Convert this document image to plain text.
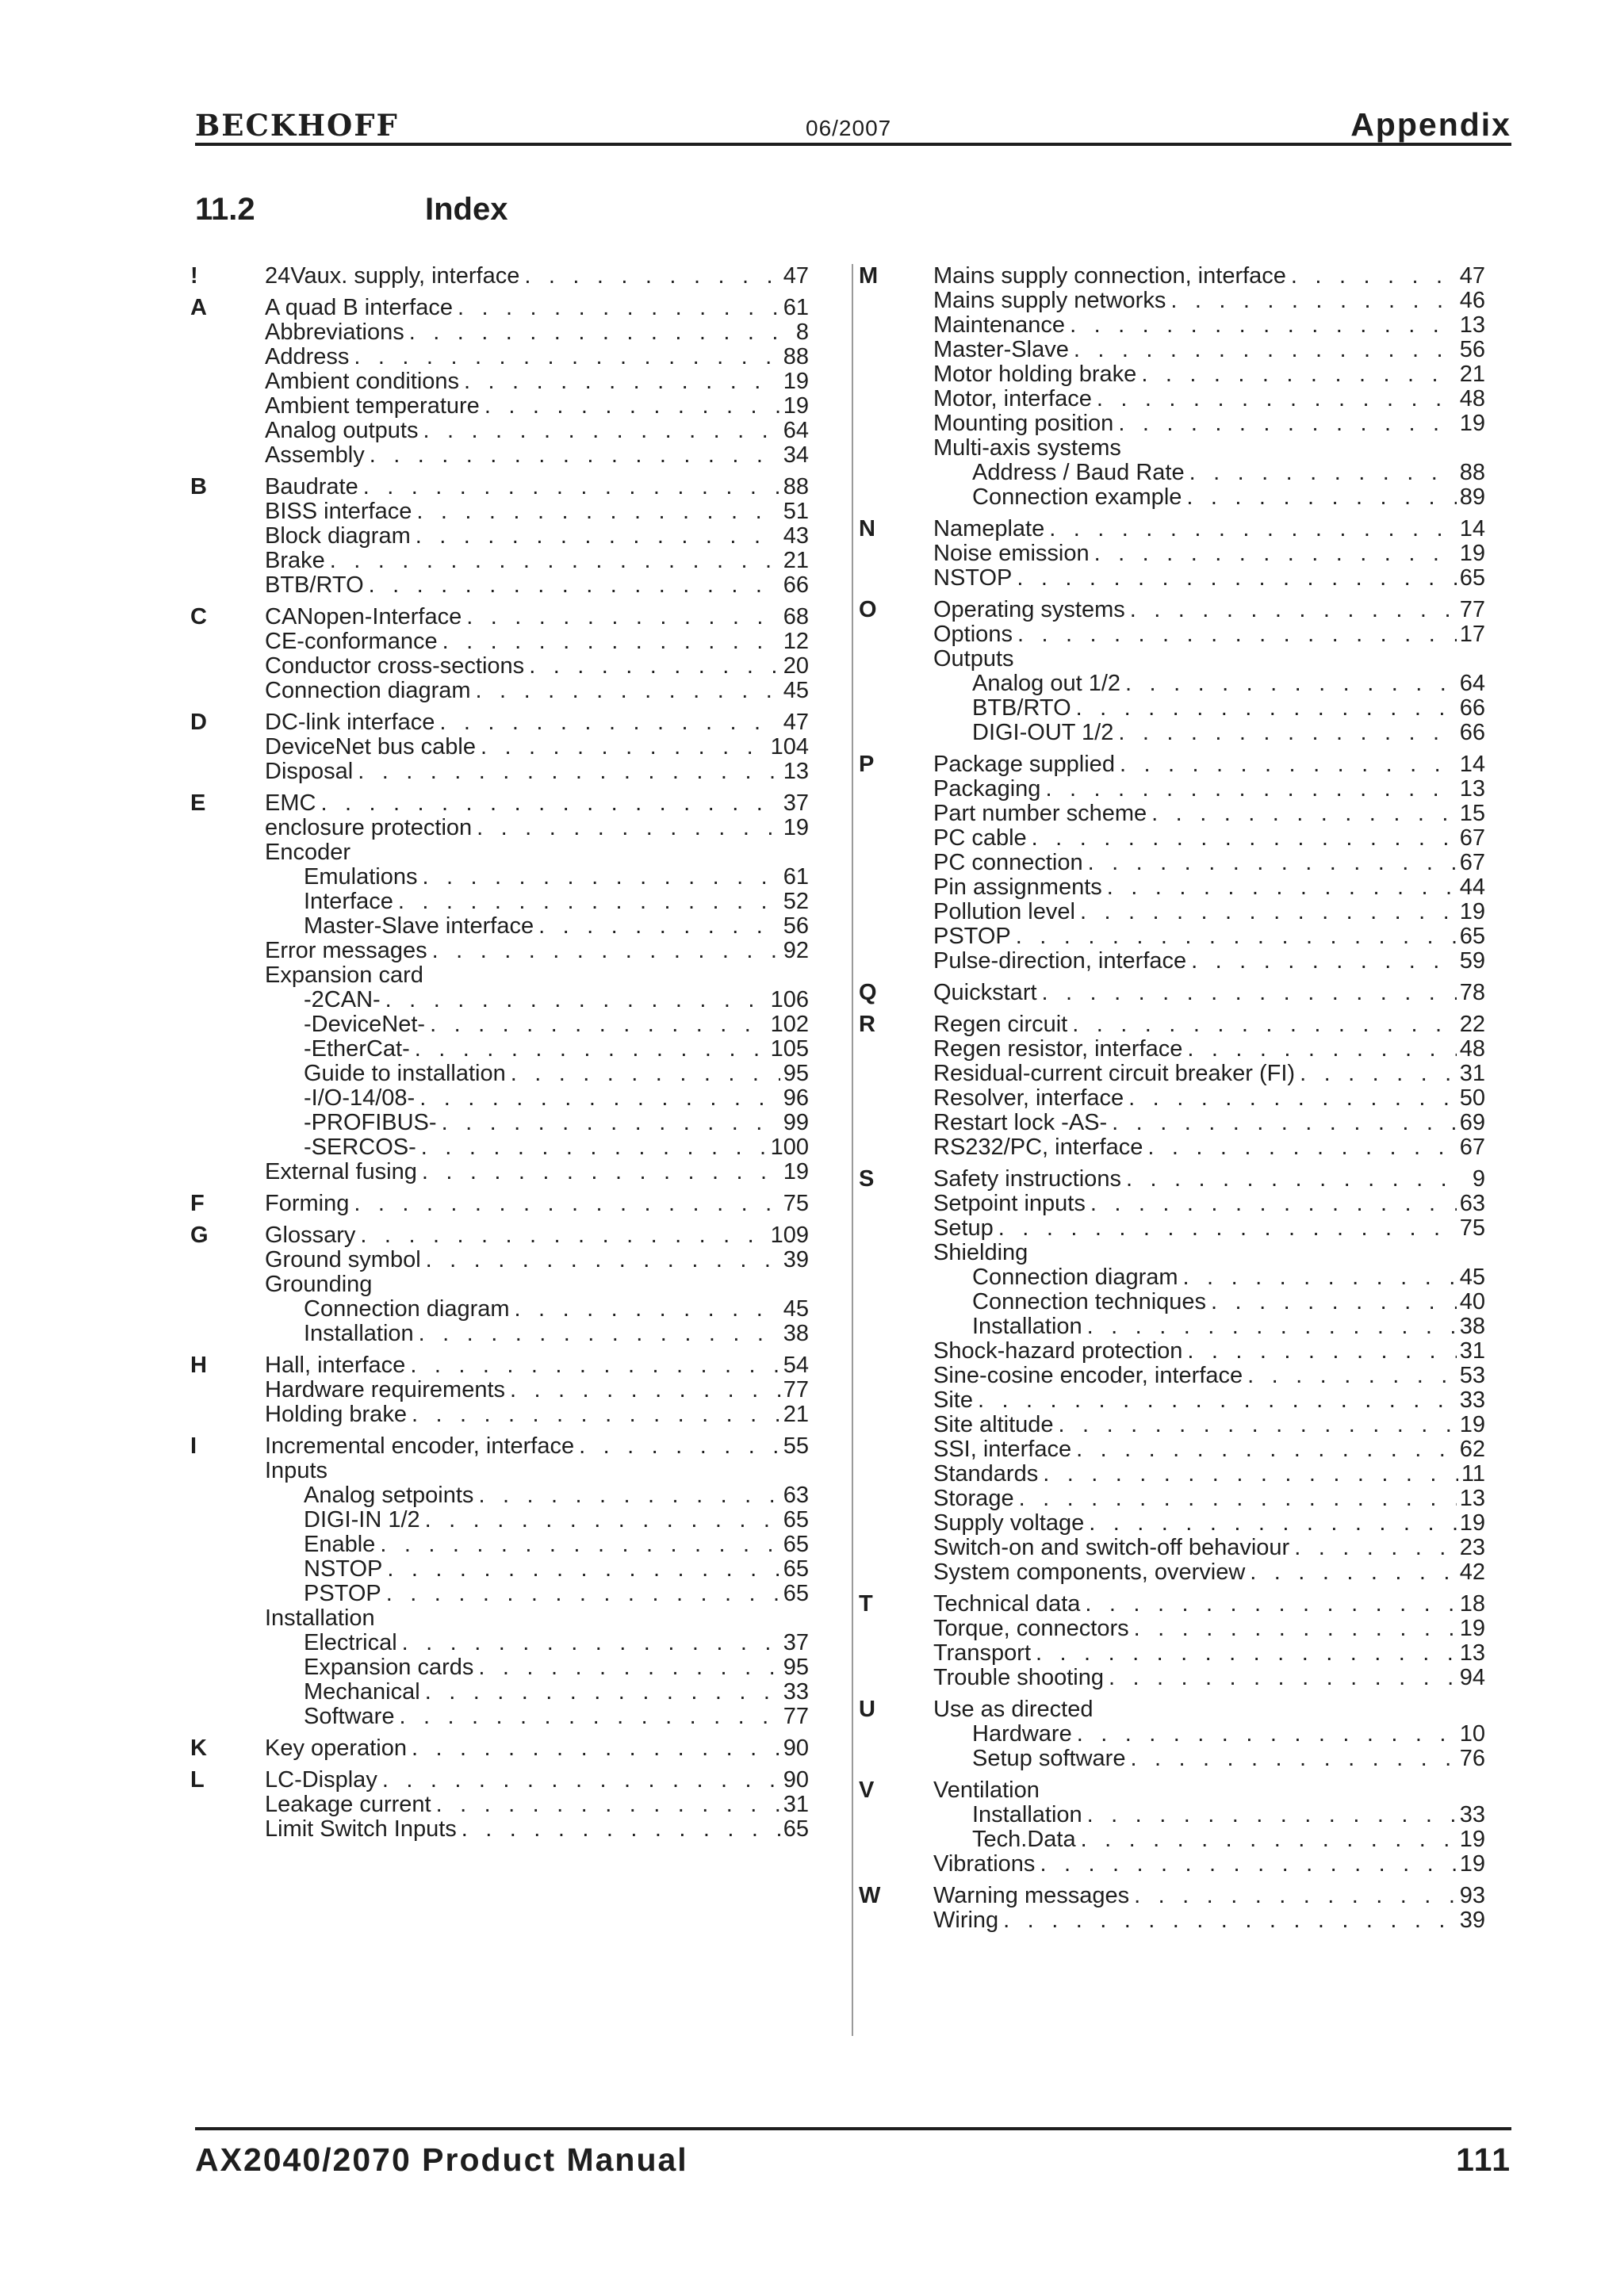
BECKHOFF	06/2007	Appendix
11.2	Index
!	24Vaux. supply, interface . . .	47
A	A quad B interface . . .	61
Abbreviations . . .	8
Address . . .	88
Ambient conditions . . .	19
Ambient temperature . . .	19
Analog outputs . . .	64
Assembly . . .	34
B	Baudrate . . .	88
BISS interface . . .	51
Block diagram . . .	43
Brake . . .	21
BTB/RTO . . .	66
C	CANopen-Interface . . .	68
CE-conformance . . .	12
Conductor cross-sections . . .	20
Connection diagram . . .	45
D	DC-link interface . . .	47
DeviceNet bus cable . . .	104
Disposal . . .	13
E	EMC . . .	37
enclosure protection . . .	19
Encoder
Emulations . . .	61
Interface . . .	52
Master-Slave interface . . .	56
Error messages . . .	92
Expansion card
-2CAN- . . .	106
-DeviceNet- . . .	102
-EtherCat- . . .	105
Guide to installation . . .	95
-I/O-14/08- . . .	96
-PROFIBUS- . . .	99
-SERCOS- . . .	100
External fusing . . .	19
F	Forming . . .	75
G Glossary . . .	109
Ground symbol . . .	39
Grounding
Connection diagram . . .	45
Installation . . .	38
H	Hall, interface . . .	54
Hardware requirements . . .	77
Holding brake . . .	21
I	Incremental encoder, interface . . .	55
Inputs
Analog setpoints . . .	63
DIGI-IN 1/2 . . .	65
Enable . . .	65
NSTOP . . .	65
PSTOP . . .	65
Installation
Electrical . . .	37
Expansion cards . . .	95
Mechanical . . .	33
Software . . .	77
K	Key operation . . .	90
L	LC-Display . . .	90
Leakage current . . .	31
Limit Switch Inputs . . .	65
M Mains supply connection, interface . . .	47
Mains supply networks . . .	46
Maintenance . . .	13
Master-Slave . . .	56
Motor holding brake . . .	21
Motor, interface . . .	48
Mounting position . . .	19
Multi-axis systems
Address / Baud Rate . . .	88
Connection example . . .	89
N	Nameplate . . .	14
Noise emission . . .	19
NSTOP . . .	65
O Operating systems . . .	77
Options . . .	17
Outputs
Analog out 1/2 . . .	64
BTB/RTO . . .	66
DIGI-OUT 1/2 . . .	66
P	Package supplied . . .	14
Packaging . . .	13
Part number scheme . . .	15
PC cable . . .	67
PC connection . . .	67
Pin assignments . . .	44
Pollution level . . .	19
PSTOP . . .	65
Pulse-direction, interface . . .	59
Q Quickstart . . .	78
R	Regen circuit . . .	22
Regen resistor, interface . . .	48
Residual-current circuit breaker (FI) . . .	31
Resolver, interface . . .	50
Restart lock -AS- . . .	69
RS232/PC, interface . . .	67
S	Safety instructions . . .	9
Setpoint inputs . . .	63
Setup . . .	75
Shielding
Connection diagram . . .	45
Connection techniques . . .	40
Installation . . .	38
Shock-hazard protection . . .	31
Sine-cosine encoder, interface . . .	53
Site . . .	33
Site altitude . . .	19
SSI, interface . . .	62
Standards . . .	11
Storage . . .	13
Supply voltage . . .	19
Switch-on and switch-off behaviour . . .	23
System components, overview . . .	42
T	Technical data . . .	18
Torque, connectors . . .	19
Transport . . .	13
Trouble shooting . . .	94
U	Use as directed
Hardware . . .	10
Setup software . . .	76
V	Ventilation
Installation . . .	33
Tech.Data . . .	19
Vibrations . . .	19
W Warning messages . . .	93
Wiring . . .	39
AX2040/2070 Product Manual	111
